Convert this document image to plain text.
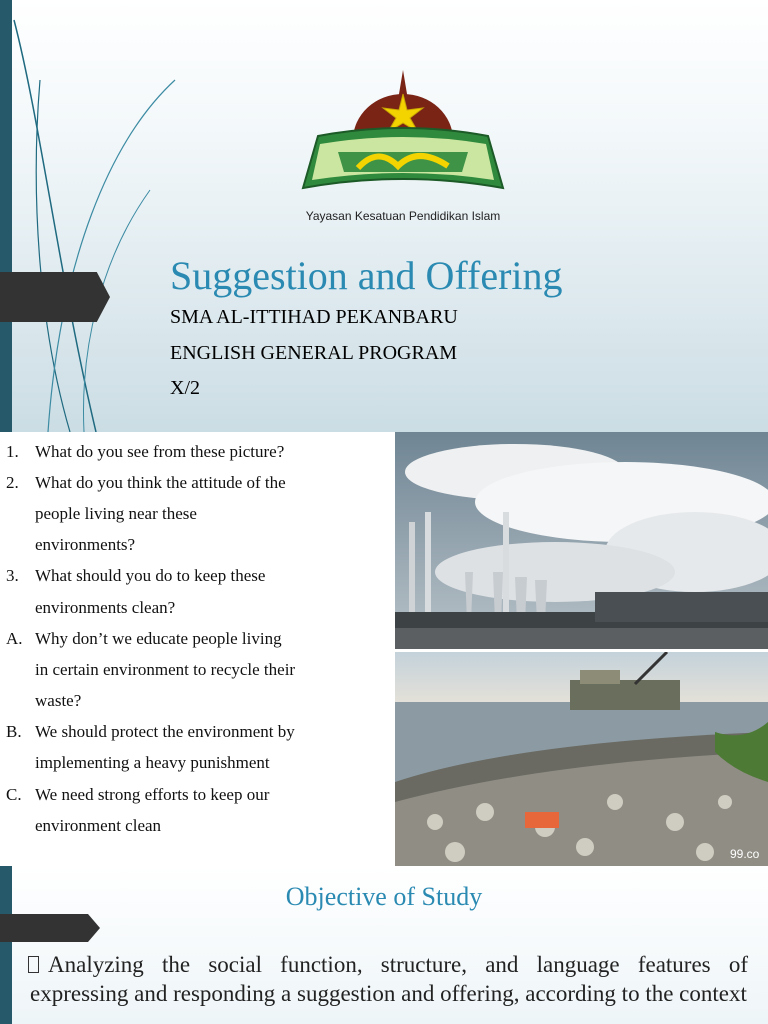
Yayasan Kesatuan Pendidikan Islam
Suggestion and Offering
SMA AL-ITTIHAD PEKANBARU
ENGLISH GENERAL PROGRAM
X/2
1. What do you see from these picture?
2. What do you think the attitude of the
people living near these
environments?
3. What should you do to keep these
environments clean?
A. Why don’t we educate people living
in certain environment to recycle their
waste?
B. We should protect the environment by
implementing a heavy punishment
C. We need strong efforts to keep our
environment clean
99.co
Objective of Study
Analyzing the social function, structure, and language features of expressing and responding a suggestion and offering, according to the context
